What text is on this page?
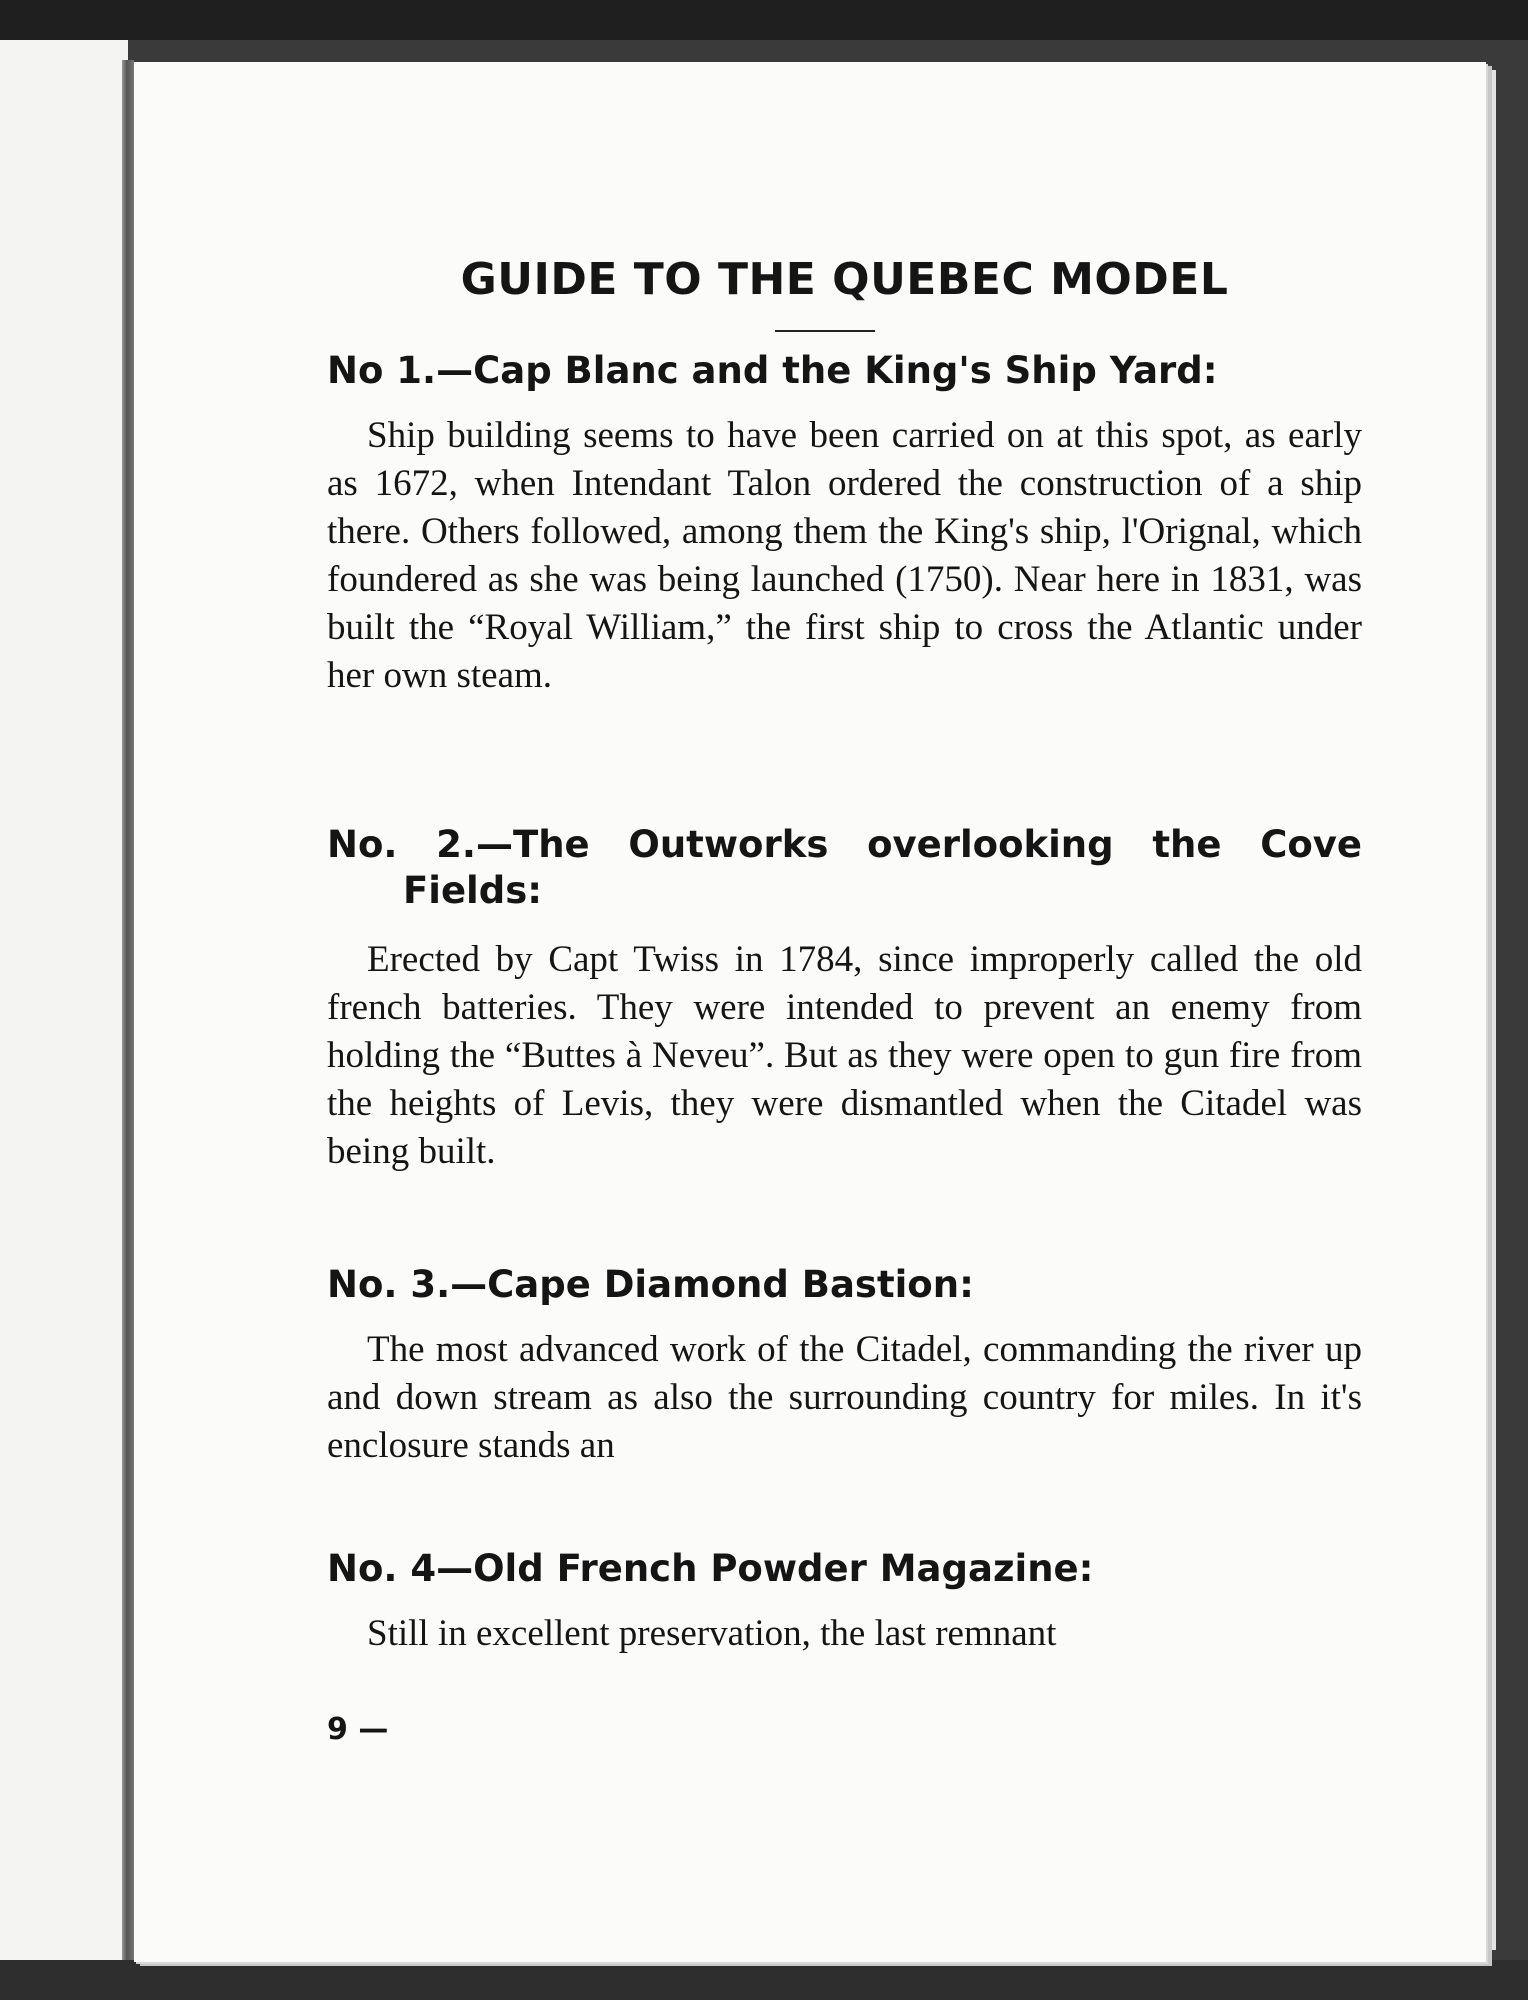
GUIDE TO THE QUEBEC MODEL
No 1.—Cap Blanc and the King's Ship Yard:

Ship building seems to have been carried on at this spot, as early as 1672, when Intendant Talon ordered the construction of a ship there. Others followed, among them the King's ship, l'Orignal, which foundered as she was being launched (1750). Near here in 1831, was built the “Royal William,” the first ship to cross the Atlantic under her own steam.

No. 2.—The Outworks overlooking the Cove
Fields:

Erected by Capt Twiss in 1784, since improperly called the old french batteries. They were intended to prevent an enemy from holding the “Buttes à Neveu”. But as they were open to gun fire from the heights of Levis, they were dismantled when the Citadel was being built.

No. 3.—Cape Diamond Bastion:

The most advanced work of the Citadel, commanding the river up and down stream as also the surrounding country for miles. In it's enclosure stands an

No. 4—Old French Powder Magazine:

Still in excellent preservation, the last remnant

9 —
